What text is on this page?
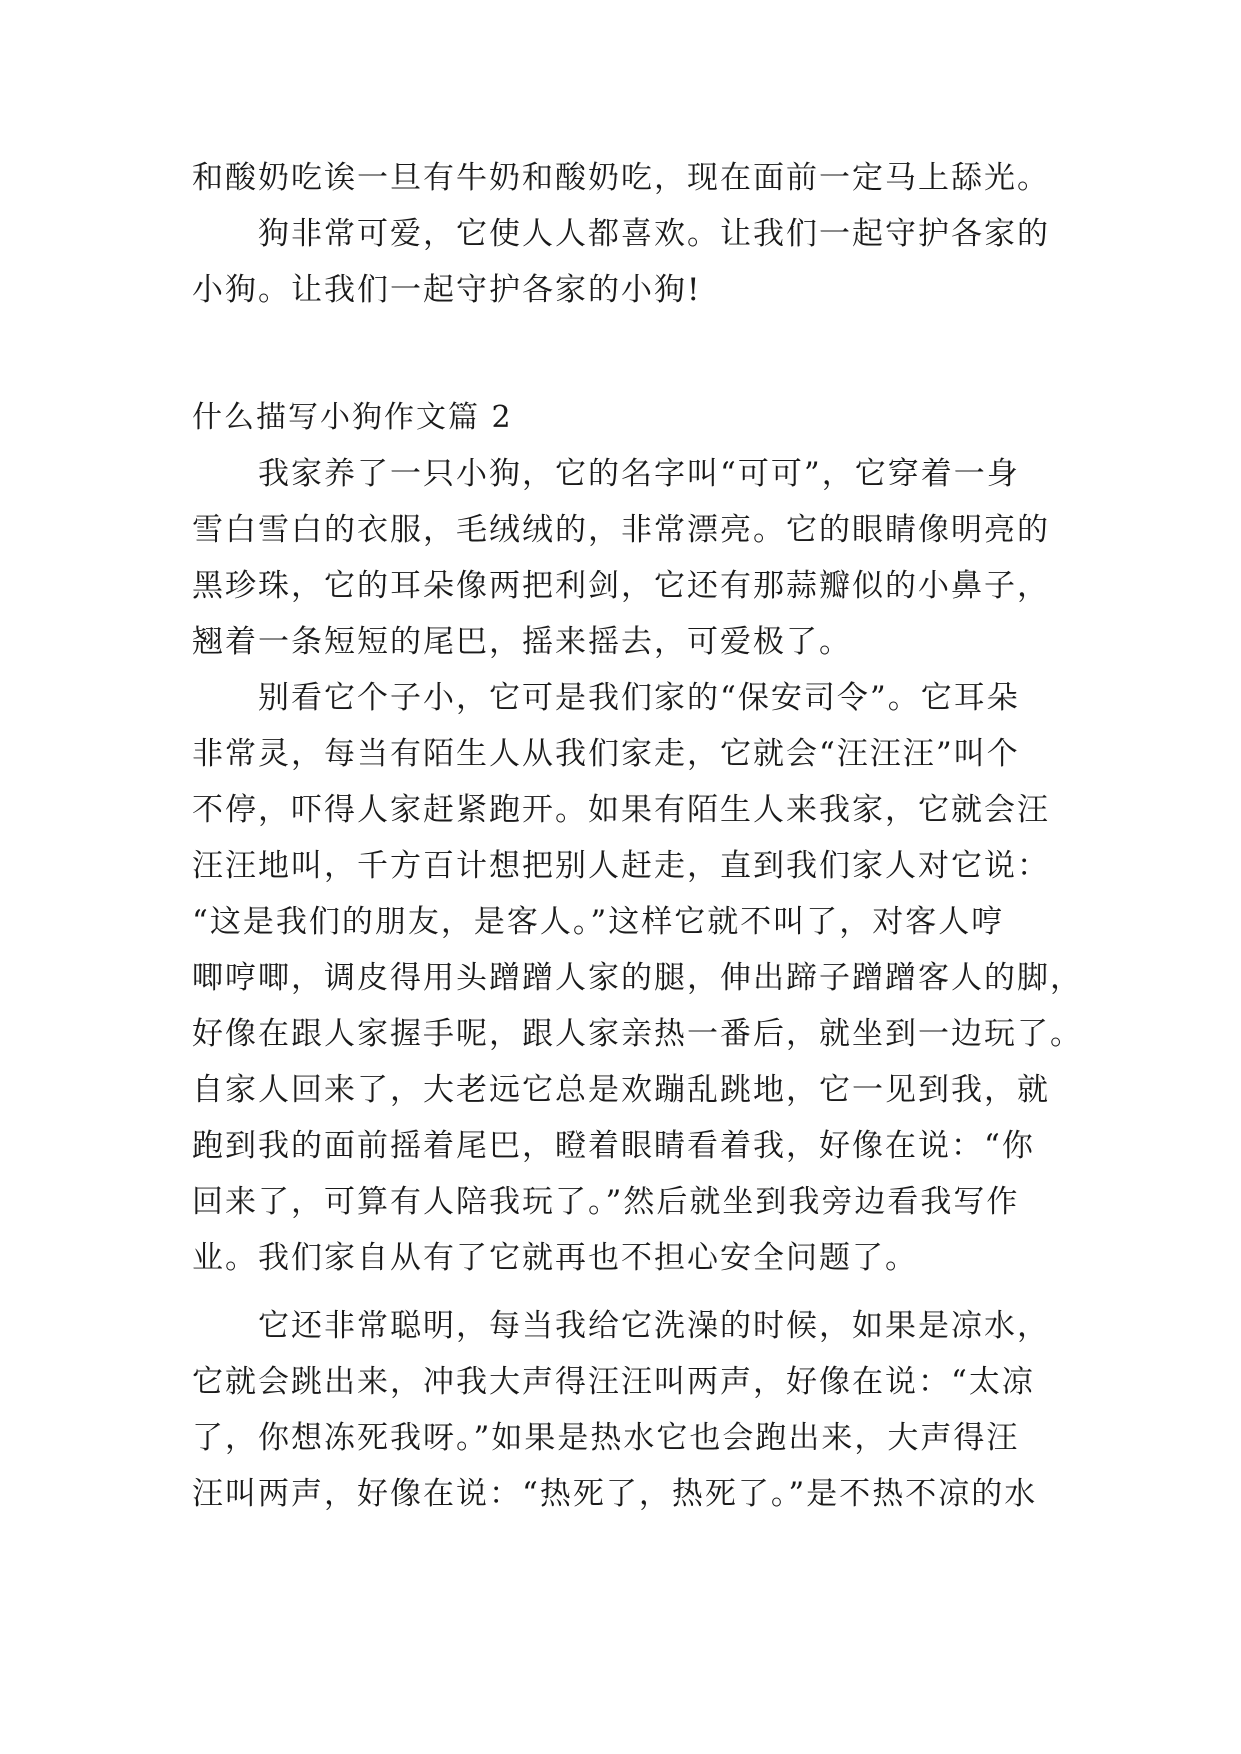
和酸奶吃诶一旦有牛奶和酸奶吃，现在面前一定马上舔光。
狗非常可爱，它使人人都喜欢。让我们一起守护各家的
小狗。让我们一起守护各家的小狗!
什么描写小狗作文篇 2
我家养了一只小狗，它的名字叫“可可”，它穿着一身
雪白雪白的衣服，毛绒绒的，非常漂亮。它的眼睛像明亮的
黑珍珠，它的耳朵像两把利剑，它还有那蒜瓣似的小鼻子，
翘着一条短短的尾巴，摇来摇去，可爱极了。
别看它个子小，它可是我们家的“保安司令”。它耳朵
非常灵，每当有陌生人从我们家走，它就会“汪汪汪”叫个
不停，吓得人家赶紧跑开。如果有陌生人来我家，它就会汪
汪汪地叫，千方百计想把别人赶走，直到我们家人对它说：
“这是我们的朋友，是客人。”这样它就不叫了，对客人哼
唧哼唧，调皮得用头蹭蹭人家的腿，伸出蹄子蹭蹭客人的脚，
好像在跟人家握手呢，跟人家亲热一番后，就坐到一边玩了。
自家人回来了，大老远它总是欢蹦乱跳地，它一见到我，就
跑到我的面前摇着尾巴，瞪着眼睛看着我，好像在说：“你
回来了，可算有人陪我玩了。”然后就坐到我旁边看我写作
业。我们家自从有了它就再也不担心安全问题了。
它还非常聪明，每当我给它洗澡的时候，如果是凉水，
它就会跳出来，冲我大声得汪汪叫两声，好像在说：“太凉
了，你想冻死我呀。”如果是热水它也会跑出来，大声得汪
汪叫两声，好像在说：“热死了，热死了。”是不热不凉的水
